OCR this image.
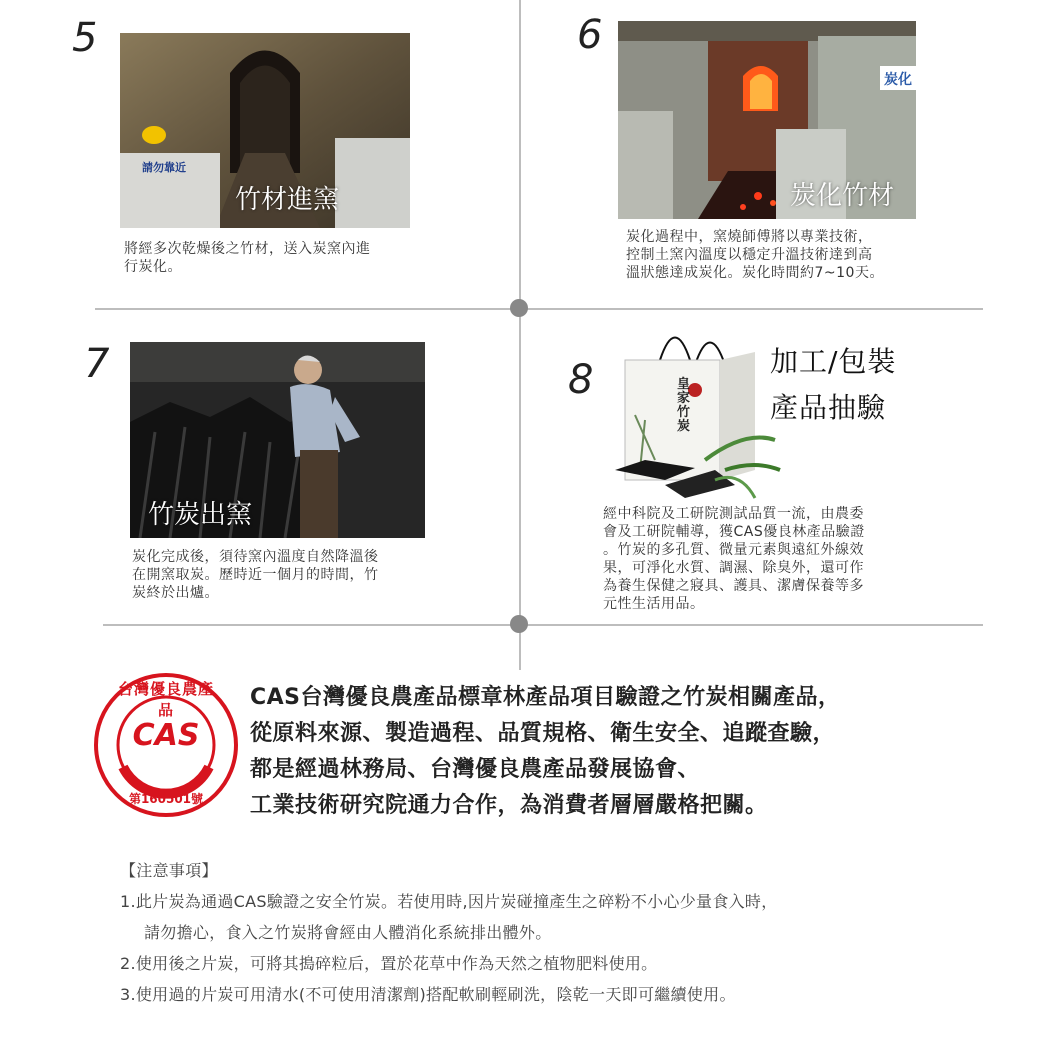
5
請勿靠近
竹材進窯
將經多次乾燥後之竹材，送入炭窯內進
行炭化。
6
炭化
炭化竹材
炭化過程中，窯燒師傅將以專業技術，
控制土窯內溫度以穩定升溫技術達到高
溫狀態達成炭化。炭化時間約7~10天。
7
竹炭出窯
炭化完成後，須待窯內溫度自然降溫後
在開窯取炭。歷時近一個月的時間，竹
炭終於出爐。
8	皇家竹炭
加工/包裝
產品抽驗
經中科院及工研院測試品質一流，由農委
會及工研院輔導，獲CAS優良林產品驗證
。竹炭的多孔質、微量元素與遠紅外線效
果，可淨化水質、調濕、除臭外，還可作
為養生保健之寢具、護具、潔膚保養等多
元性生活用品。
台灣優良農產品
CAS
第160501號
CAS台灣優良農產品標章林產品項目驗證之竹炭相關產品，
從原料來源、製造過程、品質規格、衛生安全、追蹤查驗，
都是經過林務局、台灣優良農產品發展協會、
工業技術研究院通力合作，為消費者層層嚴格把關。
【注意事項】
1.此片炭為通過CAS驗證之安全竹炭。若使用時,因片炭碰撞產生之碎粉不小心少量食入時，
請勿擔心，食入之竹炭將會經由人體消化系統排出體外。
2.使用後之片炭，可將其搗碎粒后，置於花草中作為天然之植物肥料使用。
3.使用過的片炭可用清水(不可使用清潔劑)搭配軟刷輕刷洗，陰乾一天即可繼續使用。
